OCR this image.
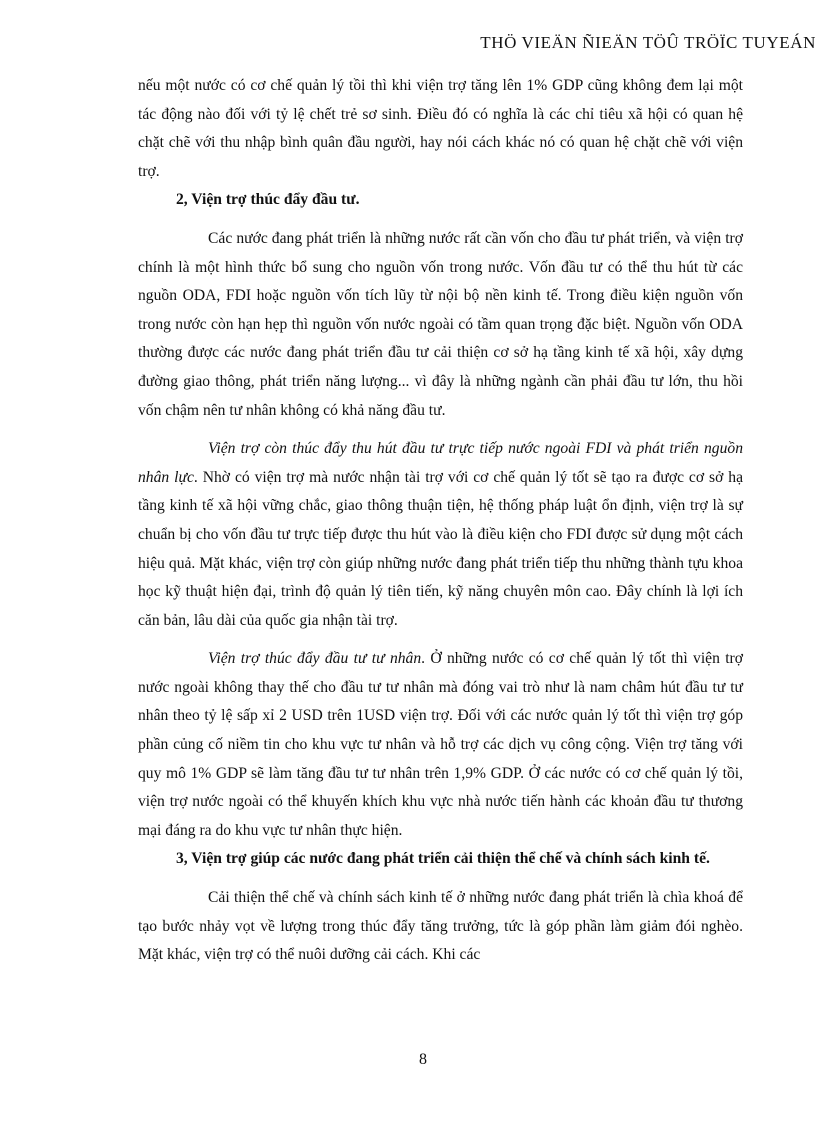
THÖ VIEÄN ÑIEÄN TÖÛ TRÖÏC TUYEÁN

nếu một nước có cơ chế quản lý tồi thì khi viện trợ tăng lên 1% GDP cũng không đem lại một tác động nào đối với tỷ lệ chết trẻ sơ sinh. Điều đó có nghĩa là các chỉ tiêu xã hội có quan hệ chặt chẽ với thu nhập bình quân đầu người, hay nói cách khác nó có quan hệ chặt chẽ với viện trợ.

2, Viện trợ thúc đẩy đầu tư.

Các nước đang phát triển là những nước rất cần vốn cho đầu tư phát triển, và viện trợ chính là một hình thức bổ sung cho nguồn vốn trong nước. Vốn đầu tư có thể thu hút từ các nguồn ODA, FDI hoặc nguồn vốn tích lũy từ nội bộ nền kinh tế. Trong điều kiện nguồn vốn trong nước còn hạn hẹp thì nguồn vốn nước ngoài có tầm quan trọng đặc biệt. Nguồn vốn ODA thường được các nước đang phát triển đầu tư cải thiện cơ sở hạ tầng kinh tế xã hội, xây dựng đường giao thông, phát triển năng lượng... vì đây là những ngành cần phải đầu tư lớn, thu hồi vốn chậm nên tư nhân không có khả năng đầu tư.

Viện trợ còn thúc đẩy thu hút đầu tư trực tiếp nước ngoài FDI và phát triển nguồn nhân lực. Nhờ có viện trợ mà nước nhận tài trợ với cơ chế quản lý tốt sẽ tạo ra được cơ sở hạ tầng kinh tế xã hội vững chắc, giao thông thuận tiện, hệ thống pháp luật ổn định, viện trợ là sự chuẩn bị cho vốn đầu tư trực tiếp được thu hút vào là điều kiện cho FDI được sử dụng một cách hiệu quả. Mặt khác, viện trợ còn giúp những nước đang phát triển tiếp thu những thành tựu khoa học kỹ thuật hiện đại, trình độ quản lý tiên tiến, kỹ năng chuyên môn cao. Đây chính là lợi ích căn bản, lâu dài của quốc gia nhận tài trợ.

Viện trợ thúc đẩy đầu tư tư nhân. Ở những nước có cơ chế quản lý tốt thì viện trợ nước ngoài không thay thế cho đầu tư tư nhân mà đóng vai trò như là nam châm hút đầu tư tư nhân theo tỷ lệ sấp xỉ 2 USD trên 1USD viện trợ. Đối với các nước quản lý tốt thì viện trợ góp phần củng cố niềm tin cho khu vực tư nhân và hỗ trợ các dịch vụ công cộng. Viện trợ tăng với quy mô 1% GDP sẽ làm tăng đầu tư tư nhân trên 1,9% GDP. Ở các nước có cơ chế quản lý tồi, viện trợ nước ngoài có thể khuyến khích khu vực nhà nước tiến hành các khoản đầu tư thương mại đáng ra do khu vực tư nhân thực hiện.

3, Viện trợ giúp các nước đang phát triển cải thiện thể chế và chính sách kinh tế.

Cải thiện thể chế và chính sách kinh tế ở những nước đang phát triển là chìa khoá để tạo bước nhảy vọt về lượng trong thúc đẩy tăng trưởng, tức là góp phần làm giảm đói nghèo. Mặt khác, viện trợ có thể nuôi dưỡng cải cách. Khi các

8
